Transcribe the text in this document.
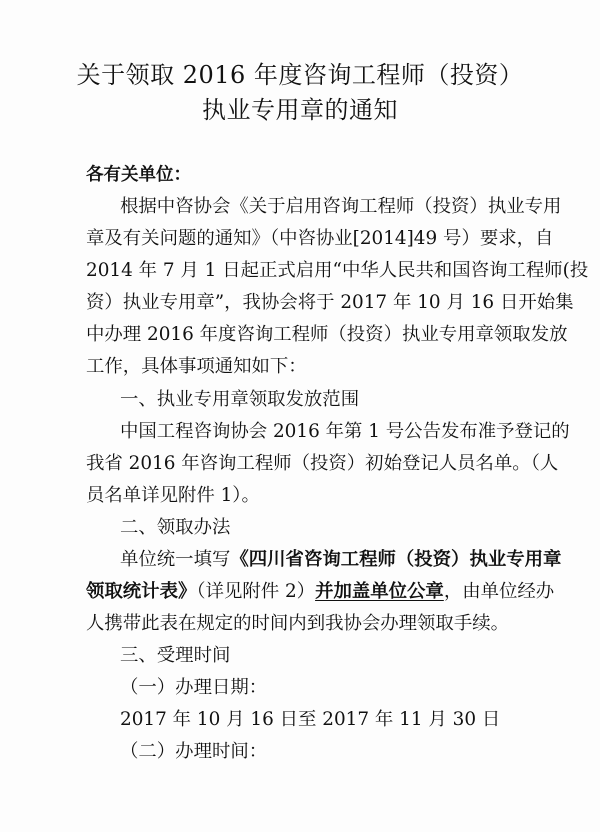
关于领取 2016 年度咨询工程师（投资）
执业专用章的通知
各有关单位：
根据中咨协会《关于启用咨询工程师（投资）执业专用
章及有关问题的通知》（中咨协业[2014]49 号）要求，自
2014 年 7 月 1 日起正式启用“中华人民共和国咨询工程师(投
资）执业专用章”，我协会将于 2017 年 10 月 16 日开始集
中办理 2016 年度咨询工程师（投资）执业专用章领取发放
工作，具体事项通知如下：
一、执业专用章领取发放范围
中国工程咨询协会 2016 年第 1 号公告发布准予登记的
我省 2016 年咨询工程师（投资）初始登记人员名单。（人
员名单详见附件 1）。
二、领取办法
单位统一填写《四川省咨询工程师（投资）执业专用章
领取统计表》（详见附件 2）并加盖单位公章，由单位经办
人携带此表在规定的时间内到我协会办理领取手续。
三、受理时间
（一）办理日期：
2017 年 10 月 16 日至 2017 年 11 月 30 日
（二）办理时间：
